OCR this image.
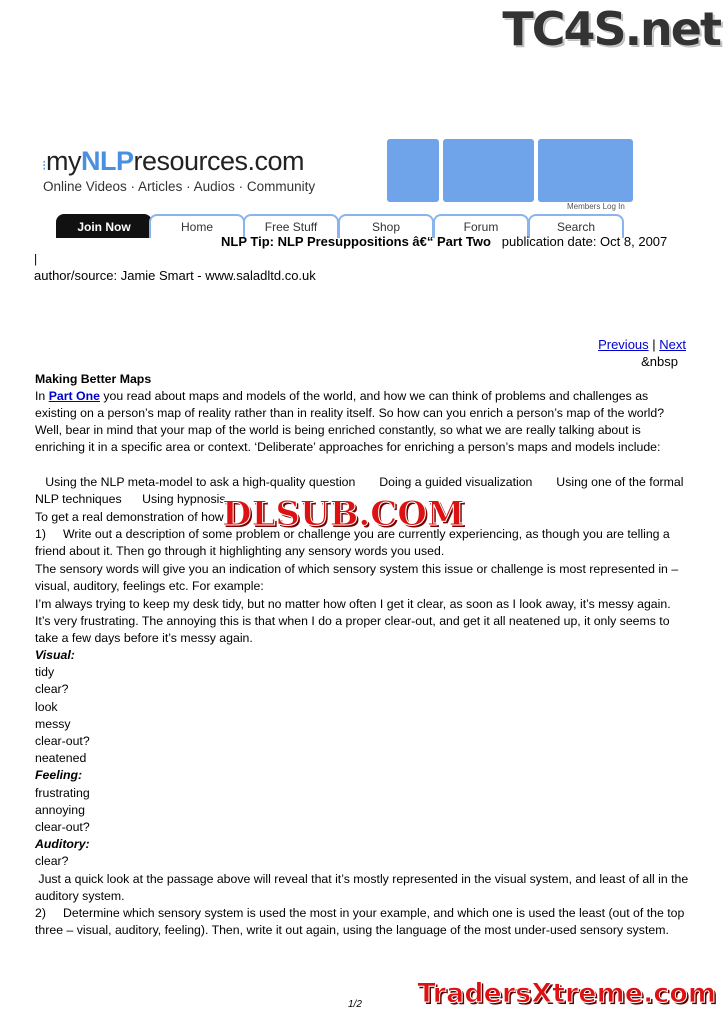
TC4S.net
⁝myNLPresources.com
Online Videos · Articles · Audios · Community
Members Log In
Join Now	Home	Free Stuff	Shop	Forum	Search
NLP Tip: NLP Presuppositions â€“ Part Two publication date: Oct 8, 2007
|
author/source: Jamie Smart - www.saladltd.co.uk
Previous | Next
&nbsp
Making Better Maps
In Part One you read about maps and models of the world, and how we can think of problems and challenges as
existing on a person’s map of reality rather than in reality itself. So how can you enrich a person’s map of the world?
Well, bear in mind that your map of the world is being enriched constantly, so what we are really talking about is
enriching it in a specific area or context. ‘Deliberate’ approaches for enriching a person’s maps and models include:
Using the NLP meta-model to ask a high-quality question       Doing a guided visualization       Using one of the formal
NLP techniques      Using hypnosis
To get a real demonstration of how
1)     Write out a description of some problem or challenge you are currently experiencing, as though you are telling a
friend about it. Then go through it highlighting any sensory words you used.
The sensory words will give you an indication of which sensory system this issue or challenge is most represented in –
visual, auditory, feelings etc. For example:
I’m always trying to keep my desk tidy, but no matter how often I get it clear, as soon as I look away, it’s messy again.
It’s very frustrating. The annoying this is that when I do a proper clear-out, and get it all neatened up, it only seems to
take a few days before it’s messy again.
Visual:
tidy
clear?
look
messy
clear-out?
neatened
Feeling:
frustrating
annoying
clear-out?
Auditory:
clear?
Just a quick look at the passage above will reveal that it’s mostly represented in the visual system, and least of all in the
auditory system.
2)     Determine which sensory system is used the most in your example, and which one is used the least (out of the top
three – visual, auditory, feeling). Then, write it out again, using the language of the most under-used sensory system.
DLSUB.COM
1/2 TradersXtreme.com
